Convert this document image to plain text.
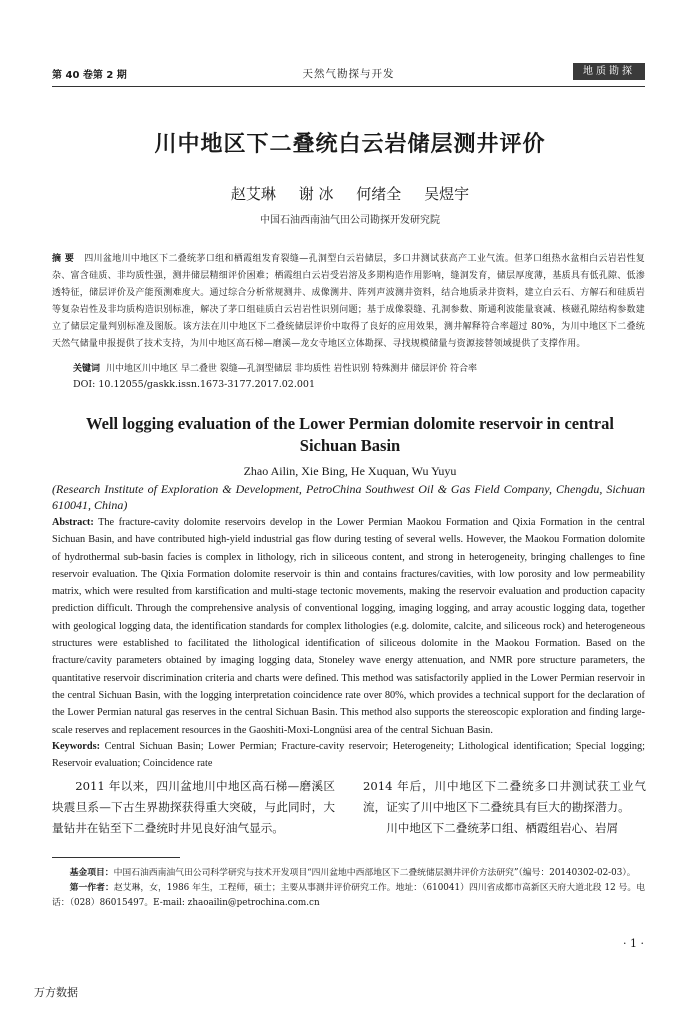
第 40 卷第 2 期	天然气勘探与开发	地质勘探
川中地区下二叠统白云岩储层测井评价
赵艾琳 谢 冰 何绪全 吴煜宇
中国石油西南油气田公司勘探开发研究院
摘 要 四川盆地川中地区下二叠统茅口组和栖霞组发育裂缝—孔洞型白云岩储层，多口井测试获高产工业气流。但茅口组热水盆相白云岩岩性复杂、富含硅质、非均质性强，测井储层精细评价困难；栖霞组白云岩受岩溶及多期构造作用影响，缝洞发育，储层厚度薄，基质具有低孔隙、低渗透特征，储层评价及产能预测难度大。通过综合分析常规测井、成像测井、阵列声波测井资料，结合地质录井资料，建立白云石、方解石和硅质岩等复杂岩性及非均质构造识别标准，解决了茅口组硅质白云岩岩性识别问题；基于成像裂缝、孔洞参数、斯通利波能量衰减、核磁孔隙结构参数建立了储层定量判别标准及图版。该方法在川中地区下二叠统储层评价中取得了良好的应用效果，测井解释符合率超过 80%，为川中地区下二叠统天然气储量申报提供了技术支持，为川中地区高石梯—磨溪—龙女寺地区立体勘探、寻找规模储量与资源接替领域提供了支撑作用。
关键词 川中地区川中地区 早二叠世 裂缝—孔洞型储层 非均质性 岩性识别 特殊测井 储层评价 符合率
DOI: 10.12055/gaskk.issn.1673-3177.2017.02.001
Well logging evaluation of the Lower Permian dolomite reservoir in central Sichuan Basin
Zhao Ailin, Xie Bing, He Xuquan, Wu Yuyu
(Research Institute of Exploration & Development, PetroChina Southwest Oil & Gas Field Company, Chengdu, Sichuan 610041, China)
Abstract: The fracture-cavity dolomite reservoirs develop in the Lower Permian Maokou Formation and Qixia Formation in the central Sichuan Basin, and have contributed high-yield industrial gas flow during testing of several wells. However, the Maokou Formation dolomite of hydrothermal sub-basin facies is complex in lithology, rich in siliceous content, and strong in heterogeneity, bringing challenges to fine reservoir evaluation. The Qixia Formation dolomite reservoir is thin and contains fractures/cavities, with low porosity and low permeability matrix, which were resulted from karstification and multi-stage tectonic movements, making the reservoir evaluation and production capacity prediction difficult. Through the comprehensive analysis of conventional logging, imaging logging, and array acoustic logging data, together with geological logging data, the identification standards for complex lithologies (e.g. dolomite, calcite, and siliceous rock) and heterogeneous structures were established to facilitated the lithological identification of siliceous dolomite in the Maokou Formation. Based on the fracture/cavity parameters obtained by imaging logging data, Stoneley wave energy attenuation, and NMR pore structure parameters, the quantitative reservoir discrimination criteria and charts were defined. This method was satisfactorily applied in the Lower Permian reservoir in the central Sichuan Basin, with the logging interpretation coincidence rate over 80%, which provides a technical support for the declaration of the Lower Permian natural gas reserves in the central Sichuan Basin. This method also supports the stereoscopic exploration and finding large-scale reserves and replacement resources in the Gaoshiti-Moxi-Longnüsi area of the central Sichuan Basin.
Keywords: Central Sichuan Basin; Lower Permian; Fracture-cavity reservoir; Heterogeneity; Lithological identification; Special logging; Reservoir evaluation; Coincidence rate
2011 年以来，四川盆地川中地区高石梯—磨溪区块震旦系—下古生界勘探获得重大突破，与此同时，大量钻井在钻至下二叠统时井见良好油气显示。

2014 年后，川中地区下二叠统多口井测试获工业气流，证实了川中地区下二叠统具有巨大的勘探潜力。

川中地区下二叠统茅口组、栖霞组岩心、岩屑

基金项目：中国石油西南油气田公司科学研究与技术开发项目“四川盆地中西部地区下二叠统储层测井评价方法研究”（编号：20140302-02-03）。

第一作者：赵艾琳，女，1986 年生，工程师，硕士；主要从事测井评价研究工作。地址：（610041）四川省成都市高新区天府大道北段 12 号。电话：（028）86015497。E-mail: zhaoailin@petrochina.com.cn

· 1 ·
万方数据
